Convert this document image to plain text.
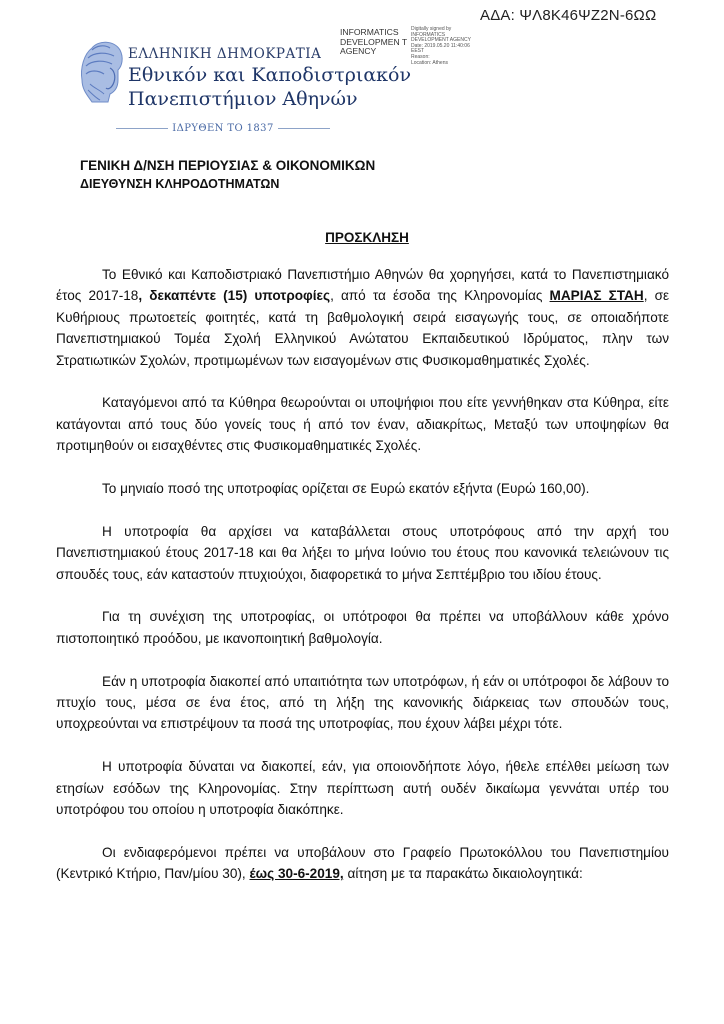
ΑΔΑ: ΨΛ8Κ46ΨΖ2Ν-6ΩΩ
INFORMATICS DEVELOPMEN T AGENCY
Digitally signed by
INFORMATICS
DEVELOPMENT AGENCY
Date: 2019.05.20 11:40:06
EEST
Reason:
Location: Athens
ΕΛΛΗΝΙΚΗ ΔΗΜΟΚΡΑΤΙΑ
Εθνικόν και Καποδιστριακόν
Πανεπιστήμιον Αθηνών
ΙΔΡΥΘΕΝ ΤΟ 1837
ΓΕΝΙΚΗ Δ/ΝΣΗ ΠΕΡΙΟΥΣΙΑΣ & ΟΙΚΟΝΟΜΙΚΩΝ
ΔΙΕΥΘΥΝΣΗ ΚΛΗΡΟΔΟΤΗΜΑΤΩΝ
ΠΡΟΣΚΛΗΣΗ

Το Εθνικό και Καποδιστριακό Πανεπιστήμιο Αθηνών θα χορηγήσει, κατά το Πανεπιστημιακό έτος 2017-18, δεκαπέντε (15) υποτροφίες, από τα έσοδα της Κληρονομίας ΜΑΡΙΑΣ ΣΤΑΗ, σε Κυθήριους πρωτοετείς φοιτητές, κατά τη βαθμολογική σειρά εισαγωγής τους, σε οποιαδήποτε Πανεπιστημιακού Τομέα Σχολή Ελληνικού Ανώτατου Εκπαιδευτικού Ιδρύματος, πλην των Στρατιωτικών Σχολών, προτιμωμένων των εισαγομένων στις Φυσικομαθηματικές Σχολές.

Καταγόμενοι από τα Κύθηρα θεωρούνται οι υποψήφιοι που είτε γεννήθηκαν στα Κύθηρα, είτε κατάγονται από τους δύο γονείς τους ή από τον έναν, αδιακρίτως, Μεταξύ των υποψηφίων θα προτιμηθούν οι εισαχθέντες στις Φυσικομαθηματικές Σχολές.

Το μηνιαίο ποσό της υποτροφίας ορίζεται σε Ευρώ εκατόν εξήντα (Ευρώ 160,00).

Η υποτροφία θα αρχίσει να καταβάλλεται στους υποτρόφους από την αρχή του Πανεπιστημιακού έτους 2017-18 και θα λήξει το μήνα Ιούνιο του έτους που κανονικά τελειώνουν τις σπουδές τους, εάν καταστούν πτυχιούχοι, διαφορετικά το μήνα Σεπτέμβριο του ιδίου έτους.

Για τη συνέχιση της υποτροφίας, οι υπότροφοι θα πρέπει να υποβάλλουν κάθε χρόνο πιστοποιητικό προόδου, με ικανοποιητική βαθμολογία.

Εάν η υποτροφία διακοπεί από υπαιτιότητα των υποτρόφων, ή εάν οι υπότροφοι δε λάβουν το πτυχίο τους, μέσα σε ένα έτος, από τη λήξη της κανονικής διάρκειας των σπουδών τους, υποχρεούνται να επιστρέψουν τα ποσά της υποτροφίας, που έχουν λάβει μέχρι τότε.

Η υποτροφία δύναται να διακοπεί, εάν, για οποιονδήποτε λόγο, ήθελε επέλθει μείωση των ετησίων εσόδων της Κληρονομίας. Στην περίπτωση αυτή ουδέν δικαίωμα γεννάται υπέρ του υποτρόφου του οποίου η υποτροφία διακόπηκε.

Οι ενδιαφερόμενοι πρέπει να υποβάλουν στο Γραφείο Πρωτοκόλλου του Πανεπιστημίου (Κεντρικό Κτήριο, Παν/μίου 30), έως 30-6-2019, αίτηση με τα παρακάτω δικαιολογητικά:
